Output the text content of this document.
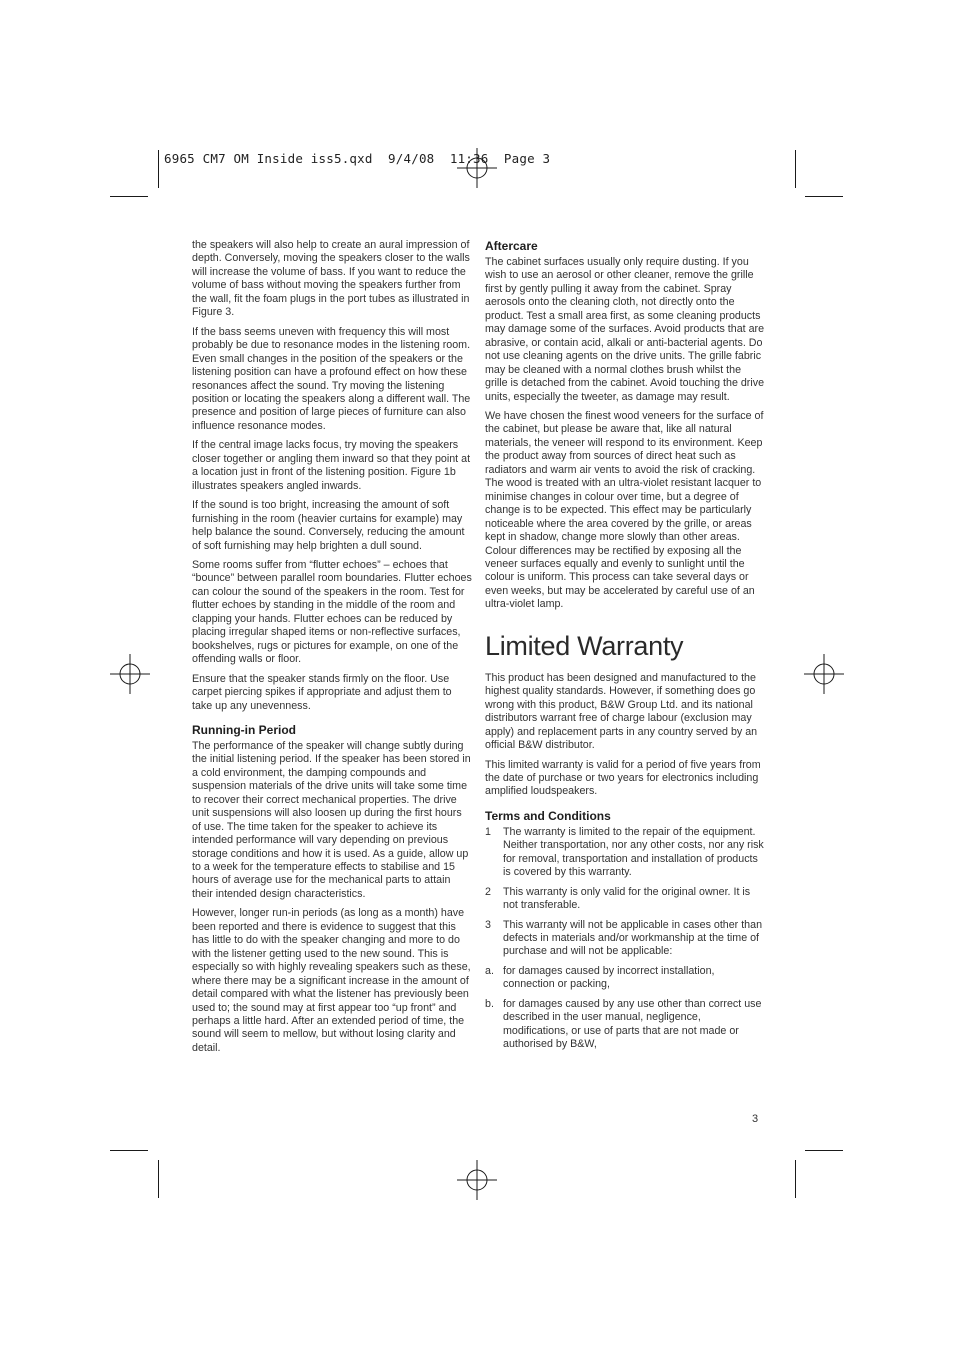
6965 CM7 OM Inside iss5.qxd  9/4/08  11:36  Page 3

the speakers will also help to create an aural impression of depth. Conversely, moving the speakers closer to the walls will increase the volume of bass. If you want to reduce the volume of bass without moving the speakers further from the wall, fit the foam plugs in the port tubes as illustrated in Figure 3.

If the bass seems uneven with frequency this will most probably be due to resonance modes in the listening room. Even small changes in the position of the speakers or the listening position can have a profound effect on how these resonances affect the sound. Try moving the listening position or locating the speakers along a different wall. The presence and position of large pieces of furniture can also influence resonance modes.

If the central image lacks focus, try moving the speakers closer together or angling them inward so that they point at a location just in front of the listening position. Figure 1b illustrates speakers angled inwards.

If the sound is too bright, increasing the amount of soft furnishing in the room (heavier curtains for example) may help balance the sound. Conversely, reducing the amount of soft furnishing may help brighten a dull sound.

Some rooms suffer from “flutter echoes” – echoes that “bounce” between parallel room boundaries. Flutter echoes can colour the sound of the speakers in the room. Test for flutter echoes by standing in the middle of the room and clapping your hands. Flutter echoes can be reduced by placing irregular shaped items or non-reflective surfaces, bookshelves, rugs or pictures for example, on one of the offending walls or floor.

Ensure that the speaker stands firmly on the floor. Use carpet piercing spikes if appropriate and adjust them to take up any unevenness.

Running-in Period

The performance of the speaker will change subtly during the initial listening period. If the speaker has been stored in a cold environment, the damping compounds and suspension materials of the drive units will take some time to recover their correct mechanical properties. The drive unit suspensions will also loosen up during the first hours of use. The time taken for the speaker to achieve its intended performance will vary depending on previous storage conditions and how it is used. As a guide, allow up to a week for the temperature effects to stabilise and 15 hours of average use for the mechanical parts to attain their intended design characteristics.

However, longer run-in periods (as long as a month) have been reported and there is evidence to suggest that this has little to do with the speaker changing and more to do with the listener getting used to the new sound. This is especially so with highly revealing speakers such as these, where there may be a significant increase in the amount of detail compared with what the listener has previously been used to; the sound may at first appear too “up front” and perhaps a little hard. After an extended period of time, the sound will seem to mellow, but without losing clarity and detail.

Aftercare

The cabinet surfaces usually only require dusting. If you wish to use an aerosol or other cleaner, remove the grille first by gently pulling it away from the cabinet. Spray aerosols onto the cleaning cloth, not directly onto the product. Test a small area first, as some cleaning products may damage some of the surfaces. Avoid products that are abrasive, or contain acid, alkali or anti-bacterial agents. Do not use cleaning agents on the drive units. The grille fabric may be cleaned with a normal clothes brush whilst the grille is detached from the cabinet. Avoid touching the drive units, especially the tweeter, as damage may result.

We have chosen the finest wood veneers for the surface of the cabinet, but please be aware that, like all natural materials, the veneer will respond to its environment. Keep the product away from sources of direct heat such as radiators and warm air vents to avoid the risk of cracking. The wood is treated with an ultra-violet resistant lacquer to minimise changes in colour over time, but a degree of change is to be expected. This effect may be particularly noticeable where the area covered by the grille, or areas kept in shadow, change more slowly than other areas. Colour differences may be rectified by exposing all the veneer surfaces equally and evenly to sunlight until the colour is uniform. This process can take several days or even weeks, but may be accelerated by careful use of an ultra-violet lamp.

Limited Warranty

This product has been designed and manufactured to the highest quality standards. However, if something does go wrong with this product, B&W Group Ltd. and its national distributors warrant free of charge labour (exclusion may apply) and replacement parts in any country served by an official B&W distributor.

This limited warranty is valid for a period of five years from the date of purchase or two years for electronics including amplified loudspeakers.

Terms and Conditions
1	The warranty is limited to the repair of the equipment. Neither transportation, nor any other costs, nor any risk for removal, transportation and installation of products is covered by this warranty.
2	This warranty is only valid for the original owner. It is not transferable.
3	This warranty will not be applicable in cases other than defects in materials and/or workmanship at the time of purchase and will not be applicable:
a. for damages caused by incorrect installation, connection or packing,
b. for damages caused by any use other than correct use described in the user manual, negligence, modifications, or use of parts that are not made or authorised by B&W,
3
